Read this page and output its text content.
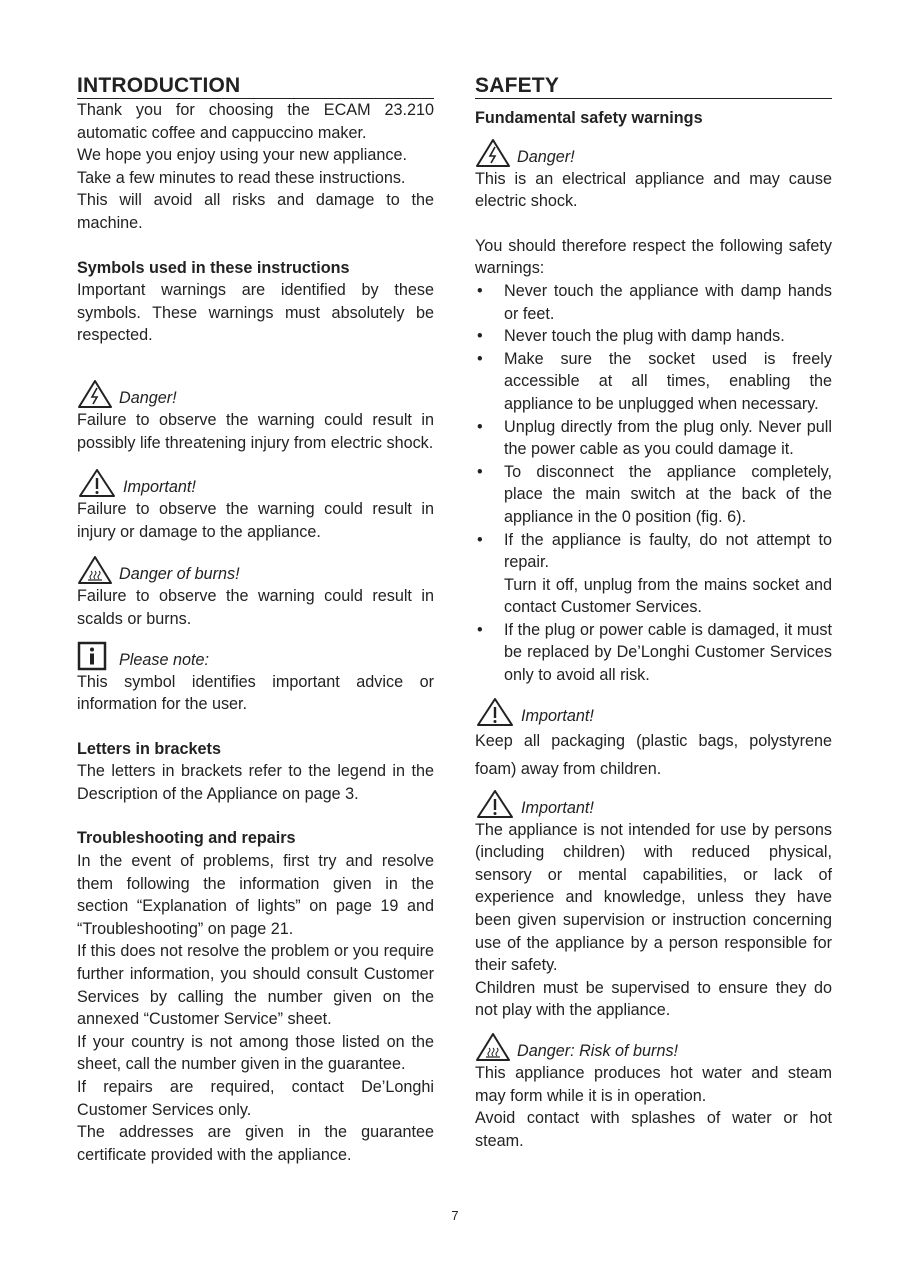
INTRODUCTION

Thank you for choosing the ECAM 23.210 automatic coffee and cappuccino maker.

We hope you enjoy using your new appliance.

Take a few minutes to read these instructions.

This will avoid all risks and damage to the machine.

Symbols used in these instructions

Important warnings are identified by these symbols. These warnings must absolutely be respected.

Danger!

Failure to observe the warning could result in possibly life threatening injury from electric shock.

Important!

Failure to observe the warning could result in injury or damage to the appliance.

Danger of burns!

Failure to observe the warning could result in scalds or burns.

Please note:

This symbol identifies important advice or information for the user.

Letters in brackets

The letters in brackets refer to the legend in the Description of the Appliance on page 3.

Troubleshooting and repairs

In the event of problems, first try and resolve them following the information given in the section “Explanation of lights” on page 19 and “Troubleshooting” on page 21.

If this does not resolve the problem or you require further information, you should consult Customer Services by calling the number given on the annexed “Customer Service” sheet.

If your country is not among those listed on the sheet, call the number given in the guarantee.

If repairs are required, contact De’Longhi Customer Services only.

The addresses are given in the guarantee certificate provided with the appliance.

SAFETY

Fundamental safety warnings

Danger!

This is an electrical appliance and may cause electric shock.

You should therefore respect the following safety warnings:

• Never touch the appliance with damp hands or feet.
• Never touch the plug with damp hands.
• Make sure the socket used is freely accessible at all times, enabling the appliance to be unplugged when necessary.
• Unplug directly from the plug only. Never pull the power cable as you could damage it.
• To disconnect the appliance completely, place the main switch at the back of the appliance in the 0 position (fig. 6).
• If the appliance is faulty, do not attempt to repair.
Turn it off, unplug from the mains socket and contact Customer Services.
• If the plug or power cable is damaged, it must be replaced by De’Longhi Customer Services only to avoid all risk.
Important!

Keep all packaging (plastic bags, polystyrene foam) away from children.

Important!

The appliance is not intended for use by persons (including children) with reduced physical, sensory or mental capabilities, or lack of experience and knowledge, unless they have been given supervision or instruction concerning use of the appliance by a person responsible for their safety.

Children must be supervised to ensure they do not play with the appliance.

Danger: Risk of burns!

This appliance produces hot water and steam may form while it is in operation.

Avoid contact with splashes of water or hot steam.

7
